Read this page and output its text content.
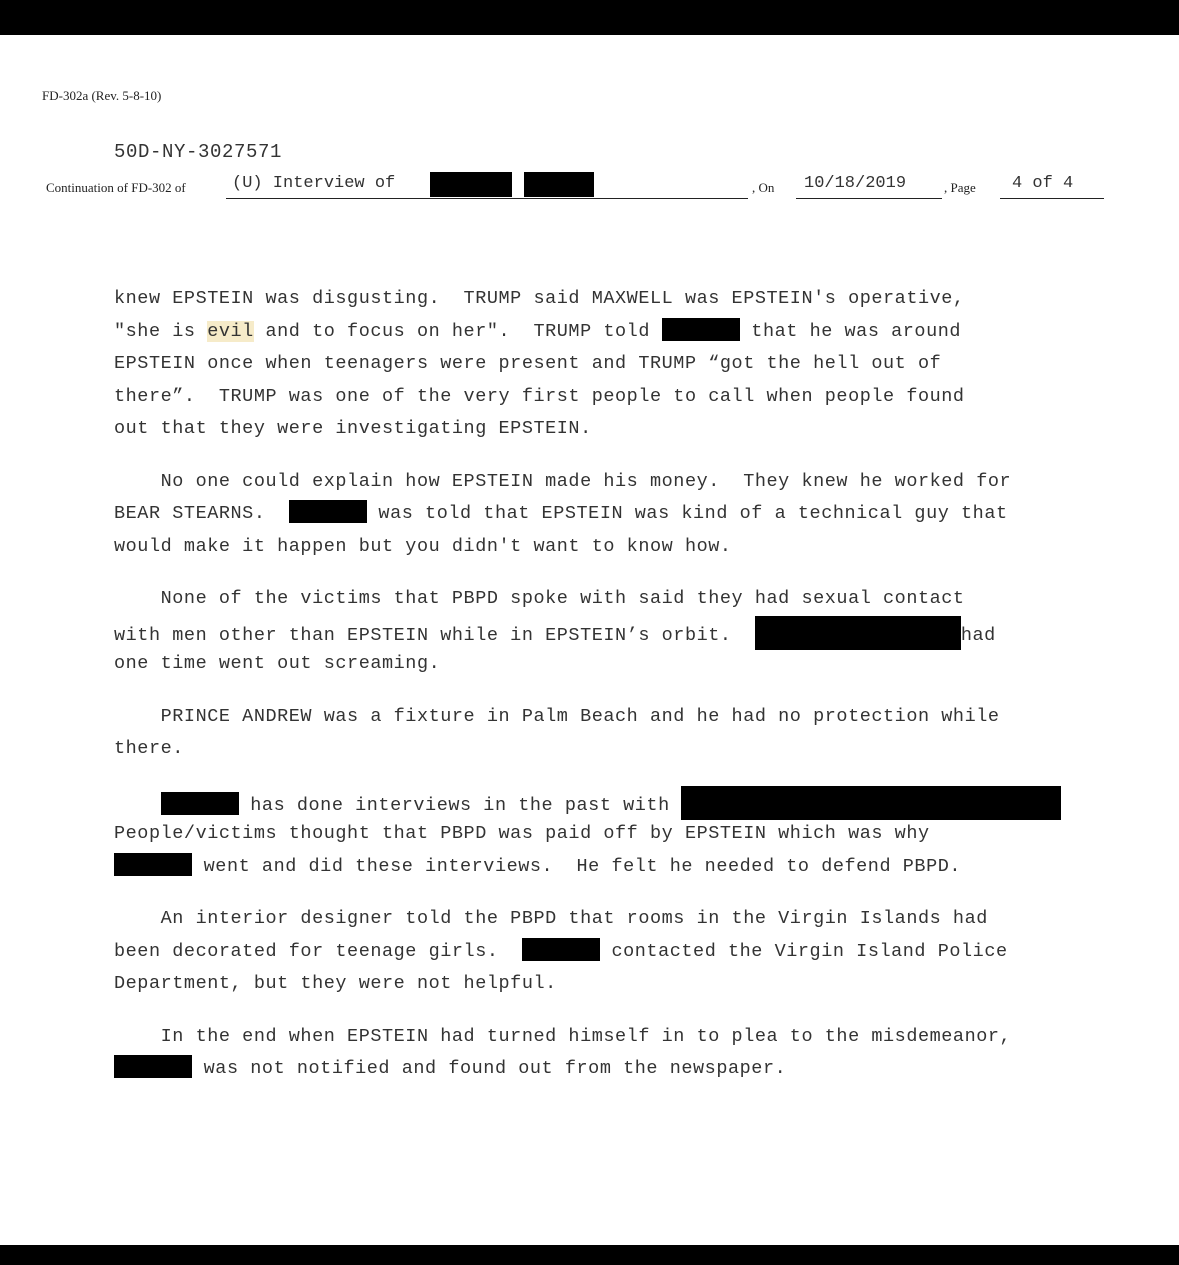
FD-302a (Rev. 5-8-10)
50D-NY-3027571
Continuation of FD-302 of	(U) Interview of	, On 10/18/2019	, Page 4 of 4
knew EPSTEIN was disgusting.  TRUMP said MAXWELL was EPSTEIN's operative,
"she is evil and to focus on her".  TRUMP told	that he was around
EPSTEIN once when teenagers were present and TRUMP “got the hell out of
there”.  TRUMP was one of the very first people to call when people found
out that they were investigating EPSTEIN.
No one could explain how EPSTEIN made his money.  They knew he worked for
BEAR STEARNS.	was told that EPSTEIN was kind of a technical guy that
would make it happen but you didn't want to know how.
None of the victims that PBPD spoke with said they had sexual contact
with men other than EPSTEIN while in EPSTEIN’s orbit.	had
one time went out screaming.
PRINCE ANDREW was a fixture in Palm Beach and he had no protection while
there.
has done interviews in the past with
People/victims thought that PBPD was paid off by EPSTEIN which was why
went and did these interviews.  He felt he needed to defend PBPD.
An interior designer told the PBPD that rooms in the Virgin Islands had
been decorated for teenage girls.	contacted the Virgin Island Police
Department, but they were not helpful.
In the end when EPSTEIN had turned himself in to plea to the misdemeanor,
was not notified and found out from the newspaper.
